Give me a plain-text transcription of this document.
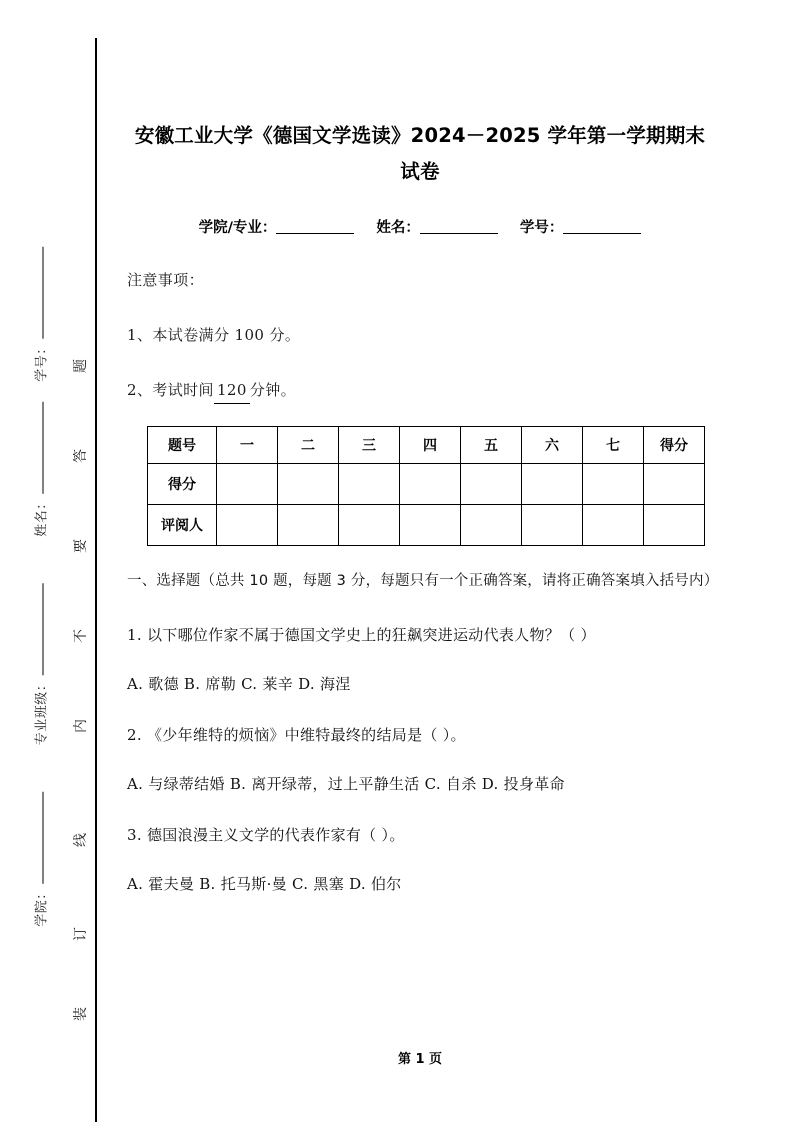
学号：
姓名：
专业班级：
学院：
题
答
要
不
内
线
订
装
安徽工业大学《德国文学选读》2024－2025 学年第一学期期末试卷
学院/专业：	姓名：	学号：
注意事项：
1、本试卷满分 100 分。
2、考试时间 120 分钟。
题号	一	二	三	四	五	六	七	得分
得分								
评阅人								
一、选择题（总共 10 题，每题 3 分，每题只有一个正确答案，请将正确答案填入括号内）
1. 以下哪位作家不属于德国文学史上的狂飙突进运动代表人物？（ ）
A. 歌德 B. 席勒 C. 莱辛 D. 海涅
2. 《少年维特的烦恼》中维特最终的结局是（ ）。
A. 与绿蒂结婚 B. 离开绿蒂，过上平静生活 C. 自杀 D. 投身革命
3. 德国浪漫主义文学的代表作家有（ ）。
A. 霍夫曼 B. 托马斯·曼 C. 黑塞 D. 伯尔
第 1 页
